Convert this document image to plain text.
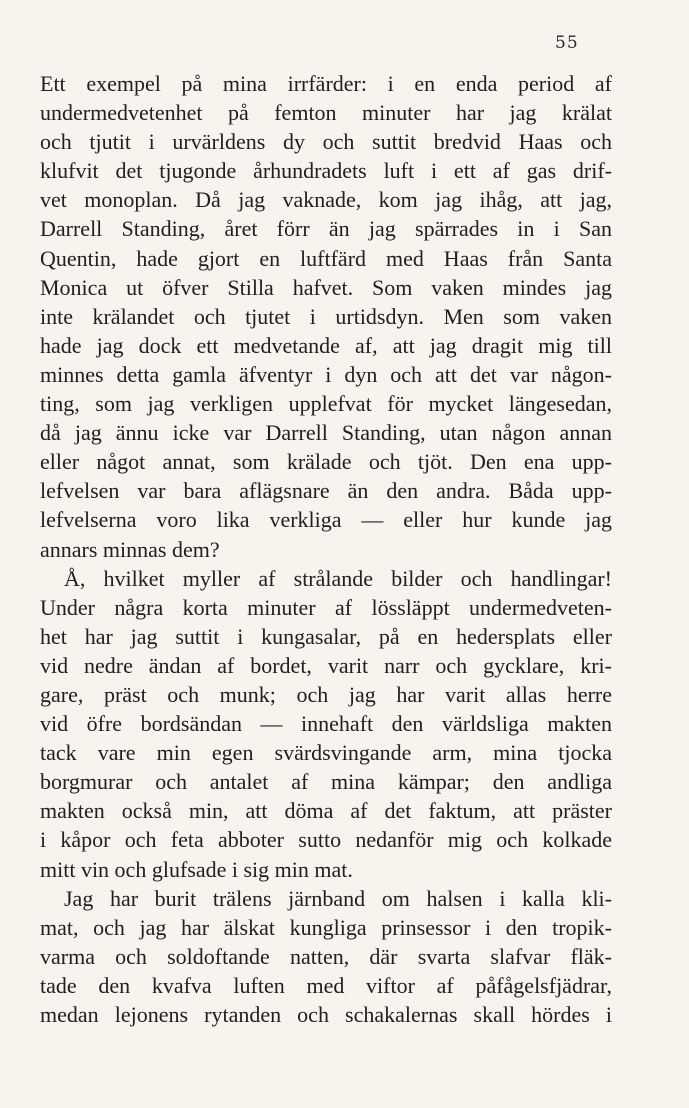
55
Ett exempel på mina irrfärder: i en enda period af
undermedvetenhet på femton minuter har jag krälat
och tjutit i urvärldens dy och suttit bredvid Haas och
klufvit det tjugonde århundradets luft i ett af gas drif-
vet monoplan. Då jag vaknade, kom jag ihåg, att jag,
Darrell Standing, året förr än jag spärrades in i San
Quentin, hade gjort en luftfärd med Haas från Santa
Monica ut öfver Stilla hafvet. Som vaken mindes jag
inte krälandet och tjutet i urtidsdyn. Men som vaken
hade jag dock ett medvetande af, att jag dragit mig till
minnes detta gamla äfventyr i dyn och att det var någon-
ting, som jag verkligen upplefvat för mycket längesedan,
då jag ännu icke var Darrell Standing, utan någon annan
eller något annat, som krälade och tjöt. Den ena upp-
lefvelsen var bara aflägsnare än den andra. Båda upp-
lefvelserna voro lika verkliga — eller hur kunde jag
annars minnas dem?
Å, hvilket myller af strålande bilder och handlingar!
Under några korta minuter af lössläppt undermedveten-
het har jag suttit i kungasalar, på en hedersplats eller
vid nedre ändan af bordet, varit narr och gycklare, kri-
gare, präst och munk; och jag har varit allas herre
vid öfre bordsändan — innehaft den världsliga makten
tack vare min egen svärdsvingande arm, mina tjocka
borgmurar och antalet af mina kämpar; den andliga
makten också min, att döma af det faktum, att präster
i kåpor och feta abboter sutto nedanför mig och kolkade
mitt vin och glufsade i sig min mat.
Jag har burit trälens järnband om halsen i kalla kli-
mat, och jag har älskat kungliga prinsessor i den tropik-
varma och soldoftande natten, där svarta slafvar fläk-
tade den kvafva luften med viftor af påfågelsfjädrar,
medan lejonens rytanden och schakalernas skall hördes i
